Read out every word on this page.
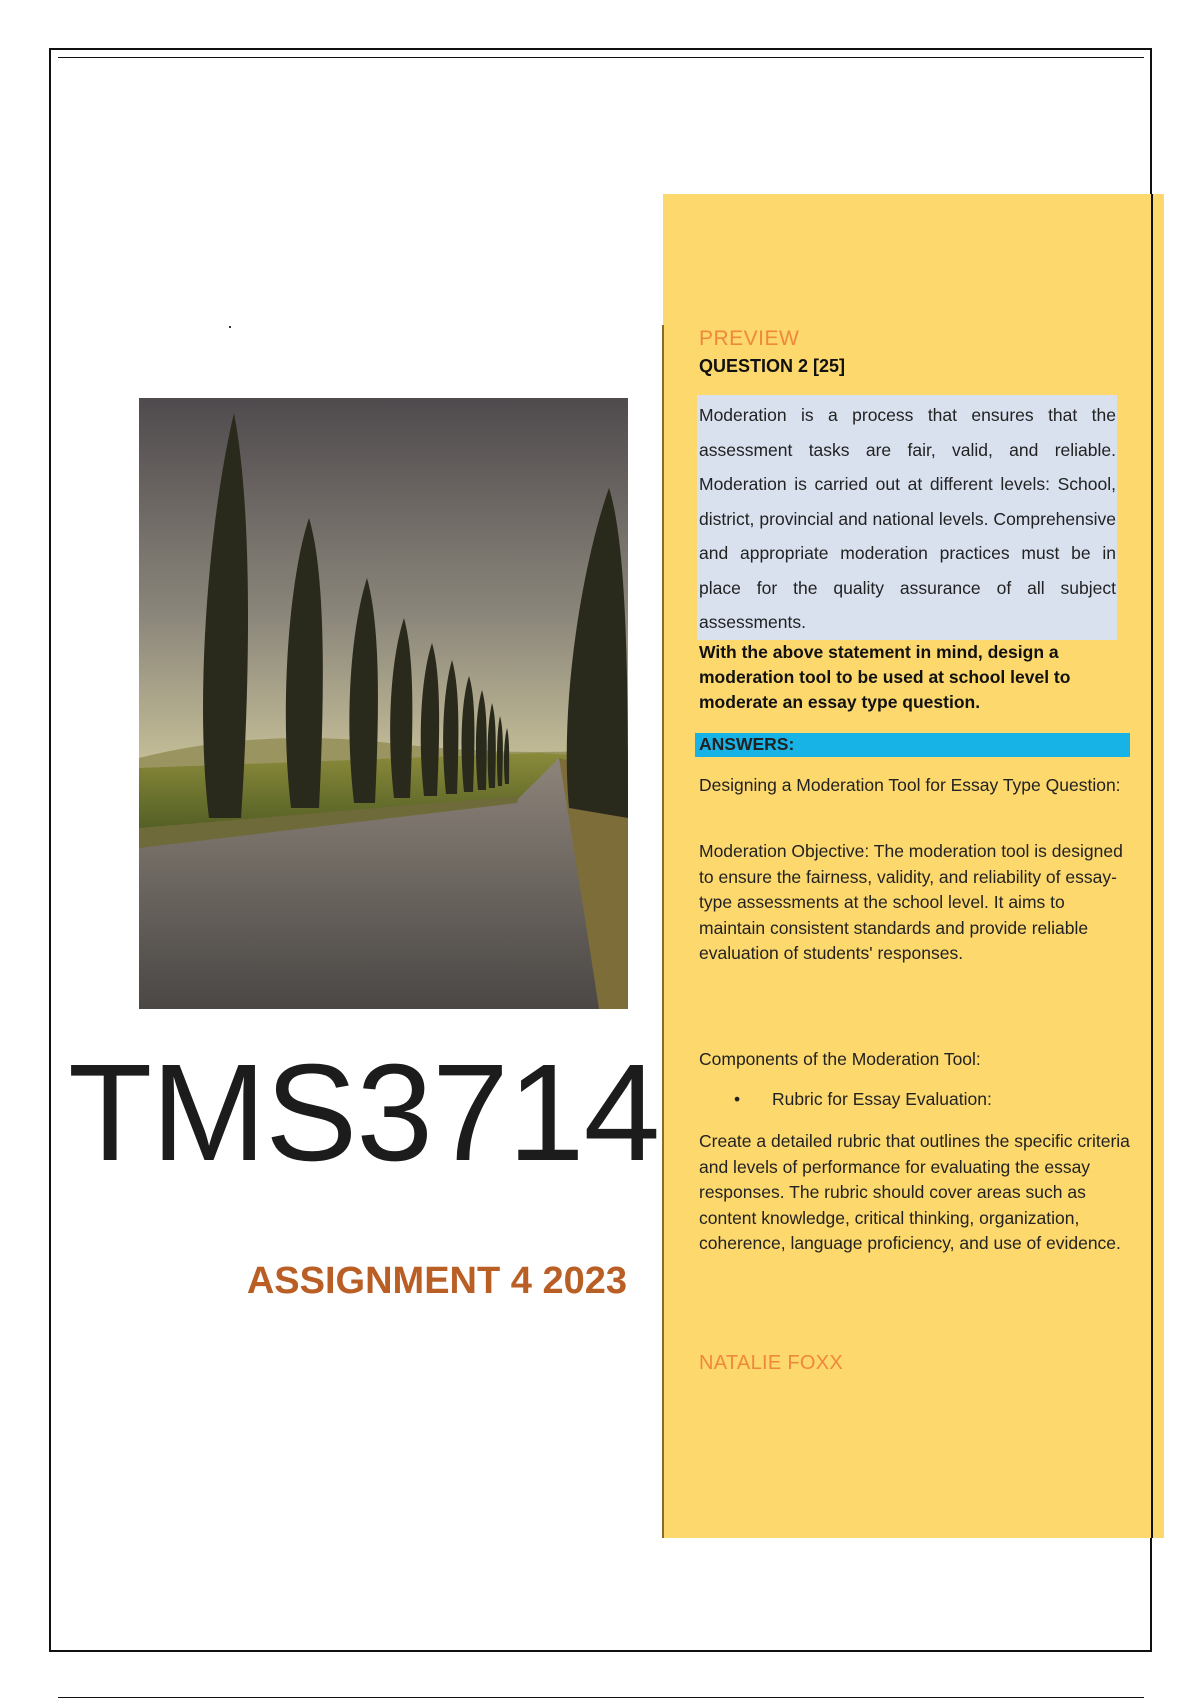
TMS3714
ASSIGNMENT 4 2023
PREVIEW
QUESTION 2 [25]
Moderation is a process that ensures that the assessment tasks are fair, valid, and reliable. Moderation is carried out at different levels: School, district, provincial and national levels. Comprehensive and appropriate moderation practices must be in place for the quality assurance of all subject assessments.
With the above statement in mind, design a moderation tool to be used at school level to moderate an essay type question.
ANSWERS:
Designing a Moderation Tool for Essay Type Question:
Moderation Objective: The moderation tool is designed to ensure the fairness, validity, and reliability of essay-type assessments at the school level. It aims to maintain consistent standards and provide reliable evaluation of students' responses.
Components of the Moderation Tool:
•	Rubric for Essay Evaluation:
Create a detailed rubric that outlines the specific criteria and levels of performance for evaluating the essay responses. The rubric should cover areas such as content knowledge, critical thinking, organization, coherence, language proficiency, and use of evidence.
NATALIE FOXX
